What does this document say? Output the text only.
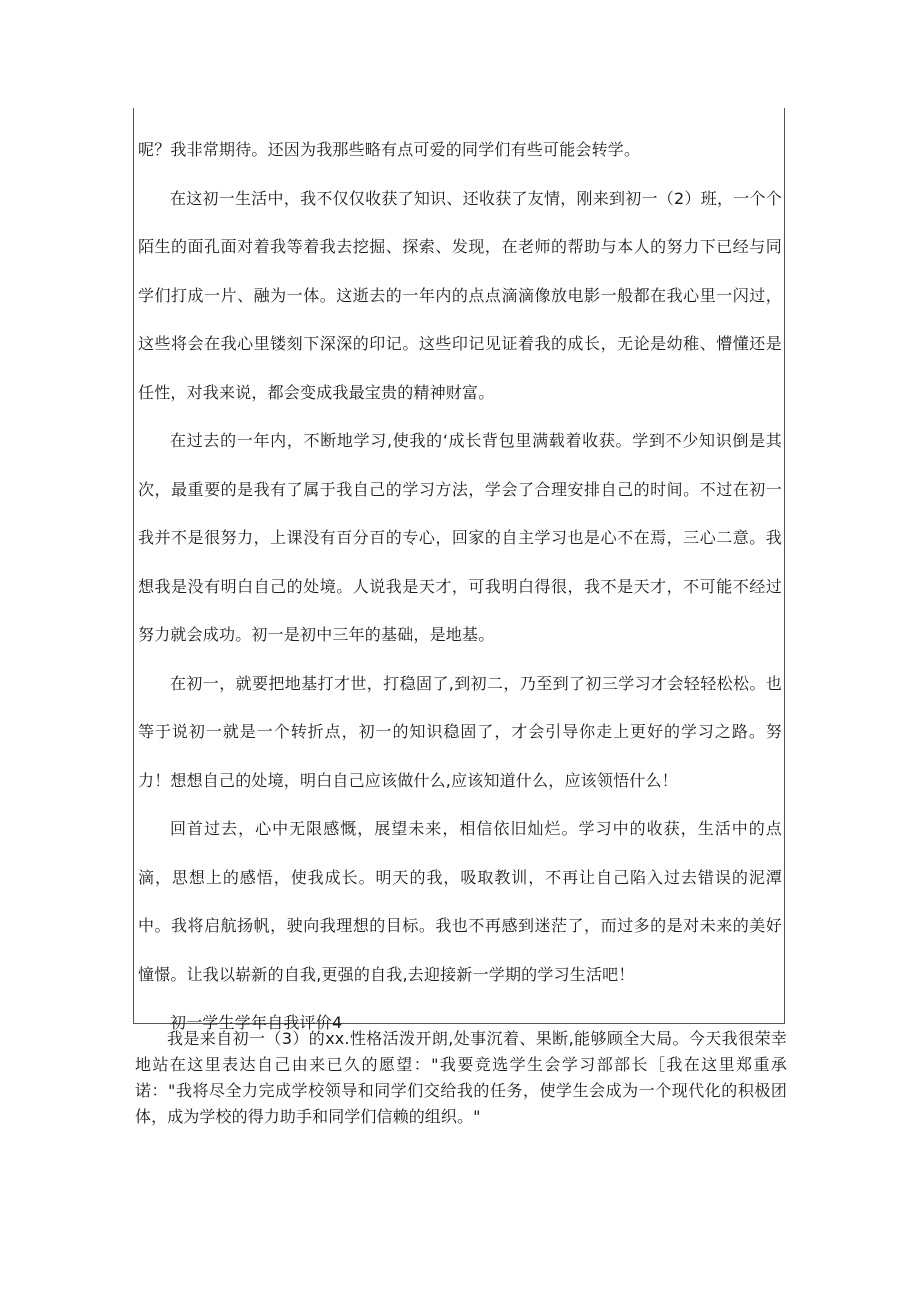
呢？我非常期待。还因为我那些略有点可爱的同学们有些可能会转学。

在这初一生活中，我不仅仅收获了知识、还收获了友情，刚来到初一（2）班，一个个陌生的面孔面对着我等着我去挖掘、探索、发现，在老师的帮助与本人的努力下已经与同学们打成一片、融为一体。这逝去的一年内的点点滴滴像放电影一般都在我心里一闪过，这些将会在我心里镂刻下深深的印记。这些印记见证着我的成长，无论是幼稚、懵懂还是任性，对我来说，都会变成我最宝贵的精神财富。

在过去的一年内，不断地学习,使我的‘成长背包里满载着收获。学到不少知识倒是其次，最重要的是我有了属于我自己的学习方法，学会了合理安排自己的时间。不过在初一我并不是很努力，上课没有百分百的专心，回家的自主学习也是心不在焉，三心二意。我想我是没有明白自己的处境。人说我是天才，可我明白得很，我不是天才，不可能不经过努力就会成功。初一是初中三年的基础，是地基。

在初一，就要把地基打才世，打稳固了,到初二，乃至到了初三学习才会轻轻松松。也等于说初一就是一个转折点，初一的知识稳固了，才会引导你走上更好的学习之路。努力！想想自己的处境，明白自己应该做什么,应该知道什么，应该领悟什么！

回首过去，心中无限感慨，展望未来，相信依旧灿烂。学习中的收获，生活中的点滴，思想上的感悟，使我成长。明天的我，吸取教训，不再让自己陷入过去错误的泥潭中。我将启航扬帆，驶向我理想的目标。我也不再感到迷茫了，而过多的是对未来的美好憧憬。让我以崭新的自我,更强的自我,去迎接新一学期的学习生活吧！

初一学生学年自我评价4

我是来自初一（3）的xx.性格活泼开朗,处事沉着、果断,能够顾全大局。今天我很荣幸地站在这里表达自己由来已久的愿望："我要竞选学生会学习部部长［我在这里郑重承诺："我将尽全力完成学校领导和同学们交给我的任务，使学生会成为一个现代化的积极团体，成为学校的得力助手和同学们信赖的组织。"
